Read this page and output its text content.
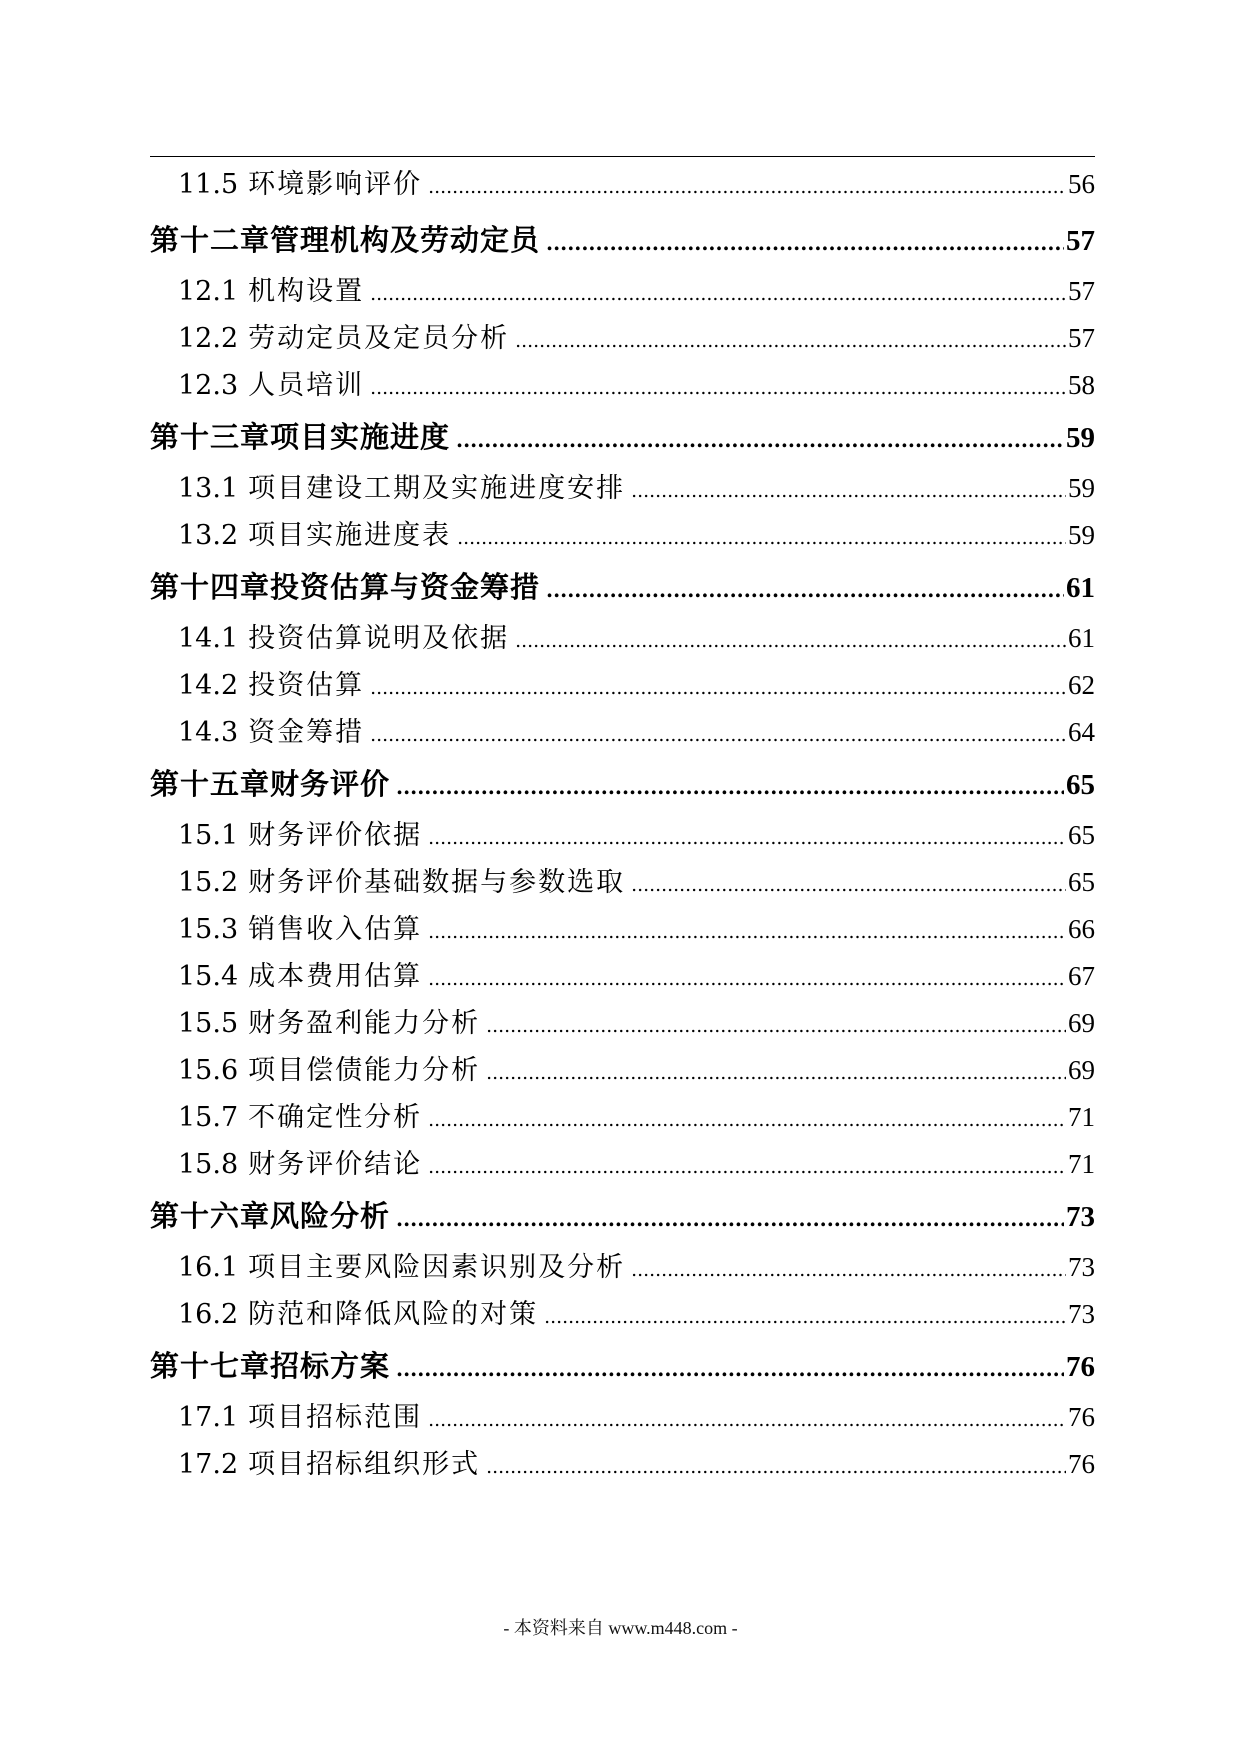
11.5 环境影响评价 .....	56
第十二章管理机构及劳动定员 .....	57
12.1 机构设置 .....	57
12.2 劳动定员及定员分析 .....	57
12.3 人员培训 .....	58
第十三章项目实施进度 .....	59
13.1 项目建设工期及实施进度安排 .....	59
13.2 项目实施进度表 .....	59
第十四章投资估算与资金筹措 .....	61
14.1 投资估算说明及依据 .....	61
14.2 投资估算 .....	62
14.3 资金筹措 .....	64
第十五章财务评价 .....	65
15.1 财务评价依据 .....	65
15.2 财务评价基础数据与参数选取 .....	65
15.3 销售收入估算 .....	66
15.4 成本费用估算 .....	67
15.5 财务盈利能力分析 .....	69
15.6 项目偿债能力分析 .....	69
15.7 不确定性分析 .....	71
15.8 财务评价结论 .....	71
第十六章风险分析 .....	73
16.1 项目主要风险因素识别及分析 .....	73
16.2 防范和降低风险的对策 .....	73
第十七章招标方案 .....	76
17.1 项目招标范围 .....	76
17.2 项目招标组织形式 .....	76
- 本资料来自 www.m448.com -
